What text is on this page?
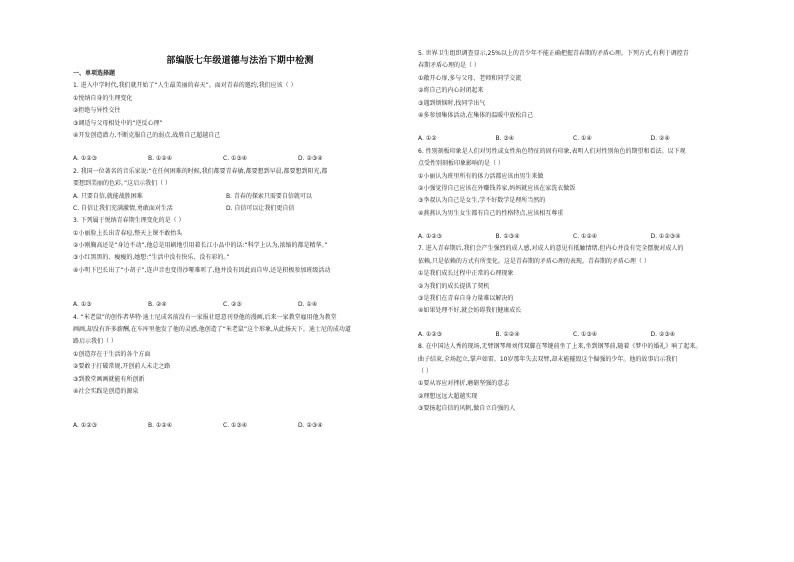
部编版七年级道德与法治下期中检测
一、单项选择题
1. 进入中学时代,我们就开始了“人生最美丽的春天”。面对青春的邀约,我们应该（ ）
①悦纳自身的生理变化
②拒绝与异性交往
③调适与父母相处中的“逆反心理”
④开发创造潜力,不断克服自己的弱点,战胜自己超越自己
A. ①②③	B. ①②④	C. ①③④	D. ②③④
2. 我国一位著名的音乐家说:“在任何困难的时候,我们都要青春敏,都要想到早晨,都要想到阳光,都
要想到美丽的色彩。”这启示我们（ ）
A. 只要自信,就能战胜困难	B. 青春的探索只需要自信就可以
C. 自信让我们充满激情,勇敢面对生活	D. 自信可以让我们更自信
3. 下列属于悦纳青春期生理变化的是（ ）
①小丽脸上长出青春痘,整天上课不敢抬头
②小刚胸高还是“身边不动”,他总是用刷地引用着长江小品中的话:“科学上认为,浓缩的都是精华。”
③小红黑黑的、瘦瘦的,她想:“生活中没有快乐、没有彩的。”
④小明下巴长出了“小胡子”,连声音也变得沙哑难听了,他并没有因此而自卑,还是积极参加班级活动
A. ①③	B. ②④	C. ②③	D. ①④
4. “米老鼠”的创作者华特·迪士尼成名前没有一家报社愿意刊登他的漫画,后来一家教堂雇用他为教堂
画画,却没有许多薪酬,在车库里他发了他的灵感,他创造了“米老鼠”这个形象,从此扬天下。迪士尼的成功道
路启示我们（ ）
①创造存在于生活的各个方面
②要敢于打破常规,开创前人未走之路
③到教堂画画就能有所创新
④社会实践是创造的源泉
A. ①②③	B. ①②④	C. ①③④	D. ②③④
5. 世界卫生组织调查显示,25%以上的青少年不能正确把握青春期的矛盾心理。下列方式,有利于调控青
春期矛盾心理的是（ ）
①敞开心扉,多与父母、老师和同学交流
②将自己的内心封闭起来
③遇到烦恼时,找同学出气
④多参加集体活动,在集体的温暖中放松自己
A. ①②	B. ③④	C. ①④	D. ②④
6. 性别刻板印象是人们对男性或女性角色特征的固有印象,表明人们对性别角色的期望和看法。以下观
点受性别刻板印象影响的是（ ）
①小丽认为班里所有的体力活都应该由男生来做
②小强觉得自己应该在外赚钱养家,妈妈就应该在家洗衣做饭
③李叔认为自己是女生,学不好数学是理所当然的
④燕燕认为男生女生都有自己的性格特点,应该相互尊重
A. ①②③	B. ①③④	C. ①②④	D. ①②③④
7. 进入青春期后,我们会产生强烈的成人感,对成人的意见有抵触情绪,但内心并没有完全摆脱对成人的
依赖,只是依赖的方式有所变化。这是青春期的矛盾心理的表现。青春期的矛盾心理（ ）
①是我们成长过程中正常的心理现象
②为我们的成长提供了契机
③是我们在青春自身力量难以解决的
④如果处理不好,就会妨碍我们健康成长
A. ①②③	B. ①②④	C. ①③④	D. ②③④
8. 在中国达人秀的现场,无臂钢琴师刘伟双脚在琴键前坐了上来,坐到钢琴前,随着《梦中的婚礼》响了起来。
曲子结束,全场起立,掌声如雷。10岁那年失去双臂,却未能摧毁这个倔强的少年。他的故事启示我们
（ ）
①要从容应对挫折,磨砺坚强的意志
②理想远远大超越实现
③要扬起自信的风帆,做自立自强的人
